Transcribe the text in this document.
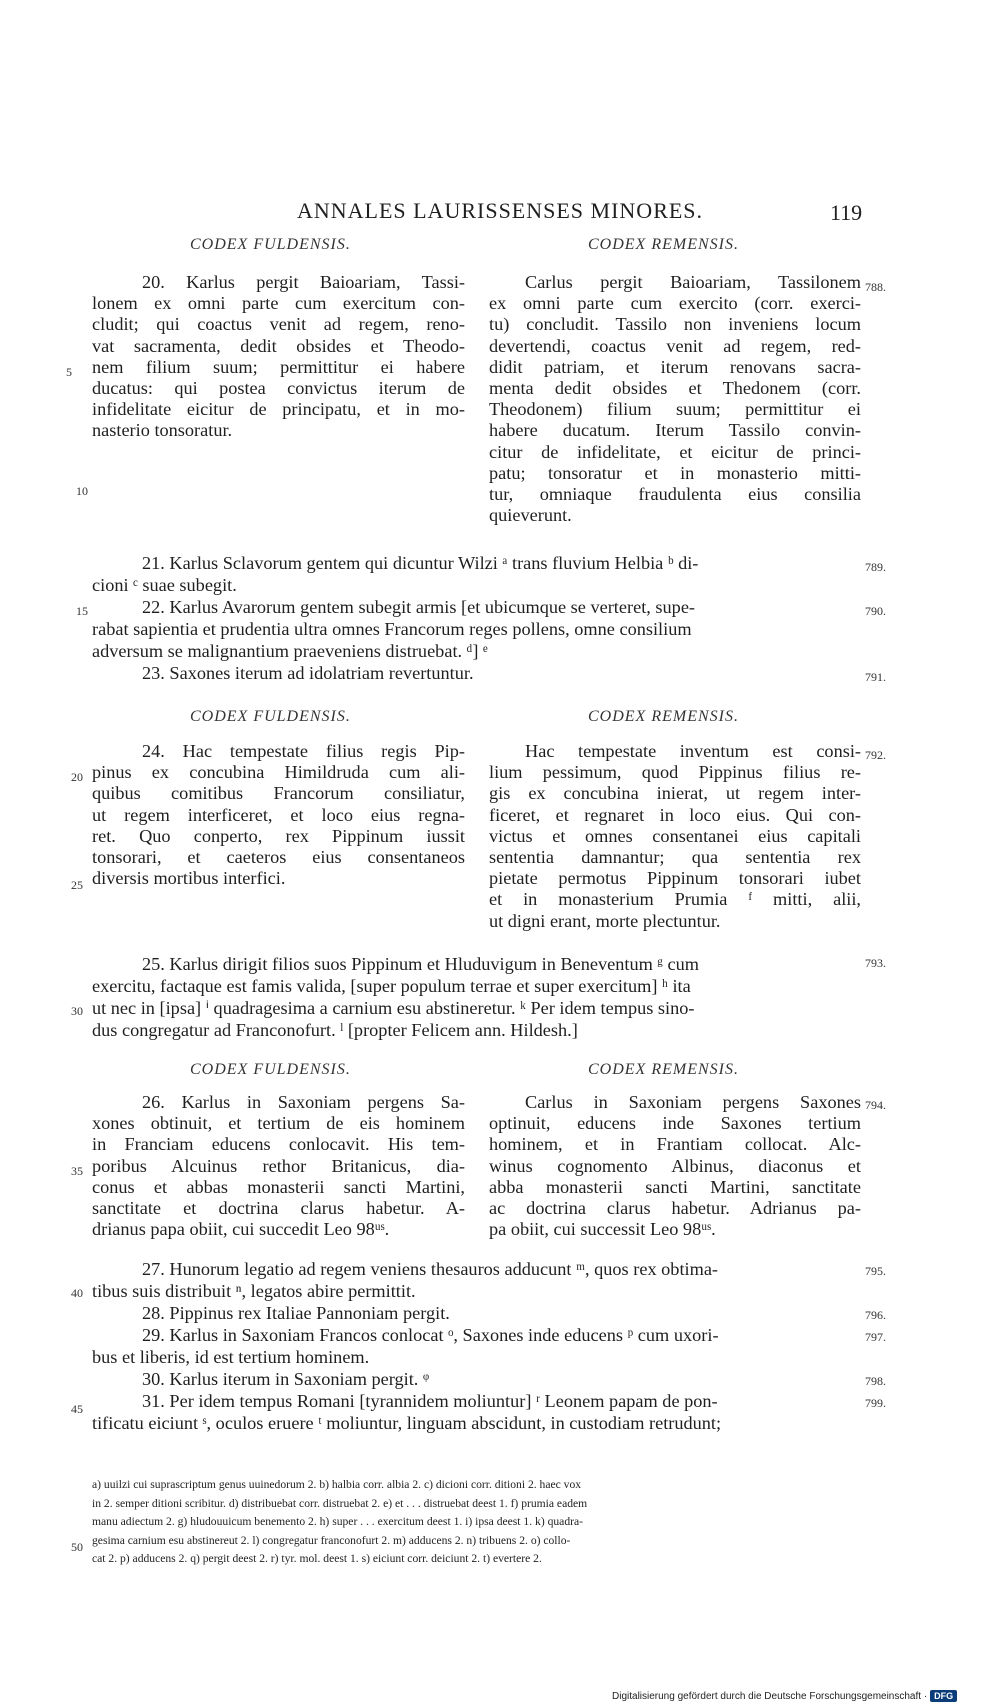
ANNALES LAURISSENSES MINORES.	119
CODEX FULDENSIS.	CODEX REMENSIS.
20. Karlus pergit Baioariam, Tassi-
lonem ex omni parte cum exercitum con-
cludit; qui coactus venit ad regem, reno-
vat sacramenta, dedit obsides et Theodo-
nem filium suum; permittitur ei habere
ducatus: qui postea convictus iterum de
infidelitate eicitur de principatu, et in mo-
nasterio tonsoratur.
Carlus pergit Baioariam, Tassilonem
ex omni parte cum exercito (corr. exerci-
tu) concludit. Tassilo non inveniens locum
devertendi, coactus venit ad regem, red-
didit patriam, et iterum renovans sacra-
menta dedit obsides et Thedonem (corr.
Theodonem) filium suum; permittitur ei
habere ducatum. Iterum Tassilo convin-
citur de infidelitate, et eicitur de princi-
patu; tonsoratur et in monasterio mitti-
tur, omniaque fraudulenta eius consilia
quieverunt.
21. Karlus Sclavorum gentem qui dicuntur Wilzi ᵃ trans fluvium Helbia ᵇ di-
cioni ᶜ suae subegit.
22. Karlus Avarorum gentem subegit armis [et ubicumque se verteret, supe-
rabat sapientia et prudentia ultra omnes Francorum reges pollens, omne consilium
adversum se malignantium praeveniens distruebat. ᵈ] ᵉ
23. Saxones iterum ad idolatriam revertuntur.
CODEX FULDENSIS.	CODEX REMENSIS.
24. Hac tempestate filius regis Pip-
pinus ex concubina Himildruda cum ali-
quibus comitibus Francorum consiliatur,
ut regem interficeret, et loco eius regna-
ret. Quo conperto, rex Pippinum iussit
tonsorari, et caeteros eius consentaneos
diversis mortibus interfici.
Hac tempestate inventum est consi-
lium pessimum, quod Pippinus filius re-
gis ex concubina inierat, ut regem inter-
ficeret, et regnaret in loco eius. Qui con-
victus et omnes consentanei eius capitali
sententia damnantur; qua sententia rex
pietate permotus Pippinum tonsorari iubet
et in monasterium Prumia ᶠ mitti, alii,
ut digni erant, morte plectuntur.
25. Karlus dirigit filios suos Pippinum et Hluduvigum in Beneventum ᵍ cum
exercitu, factaque est famis valida, [super populum terrae et super exercitum] ʰ ita
ut nec in [ipsa] ⁱ quadragesima a carnium esu abstineretur. ᵏ Per idem tempus sino-
dus congregatur ad Franconofurt. ˡ [propter Felicem ann. Hildesh.]
CODEX FULDENSIS.	CODEX REMENSIS.
26. Karlus in Saxoniam pergens Sa-
xones obtinuit, et tertium de eis hominem
in Franciam educens conlocavit. His tem-
poribus Alcuinus rethor Britanicus, dia-
conus et abbas monasterii sancti Martini,
sanctitate et doctrina clarus habetur. A-
drianus papa obiit, cui succedit Leo 98ᵘˢ.
Carlus in Saxoniam pergens Saxones
optinuit, educens inde Saxones tertium
hominem, et in Frantiam collocat. Alc-
winus cognomento Albinus, diaconus et
abba monasterii sancti Martini, sanctitate
ac doctrina clarus habetur. Adrianus pa-
pa obiit, cui successit Leo 98ᵘˢ.
27. Hunorum legatio ad regem veniens thesauros adducunt ᵐ, quos rex obtima-
tibus suis distribuit ⁿ, legatos abire permittit.
28. Pippinus rex Italiae Pannoniam pergit.
29. Karlus in Saxoniam Francos conlocat ᵒ, Saxones inde educens ᵖ cum uxori-
bus et liberis, id est tertium hominem.
30. Karlus iterum in Saxoniam pergit. ᵠ
31. Per idem tempus Romani [tyrannidem moliuntur] ʳ Leonem papam de pon-
tificatu eiciunt ˢ, oculos eruere ᵗ moliuntur, linguam abscidunt, in custodiam retrudunt;
788.
789.
790.
791.
792.
793.
794.
795.
796.
797.
798.
799.
5
10
15
20
25
30
35
40
45
50
a) uuilzi cui suprascriptum genus uuinedorum 2. b) halbia corr. albia 2. c) dicioni corr. ditioni 2. haec vox
in 2. semper ditioni scribitur. d) distribuebat corr. distruebat 2. e) et . . . distruebat deest 1. f) prumia eadem
manu adiectum 2. g) hludouuicum benemento 2. h) super . . . exercitum deest 1. i) ipsa deest 1. k) quadra-
gesima carnium esu abstinereut 2. l) congregatur franconofurt 2. m) adducens 2. n) tribuens 2. o) collo-
cat 2. p) adducens 2. q) pergit deest 2. r) tyr. mol. deest 1. s) eiciunt corr. deiciunt 2. t) evertere 2.
Digitalisierung gefördert durch die Deutsche Forschungsgemeinschaft · DFG
